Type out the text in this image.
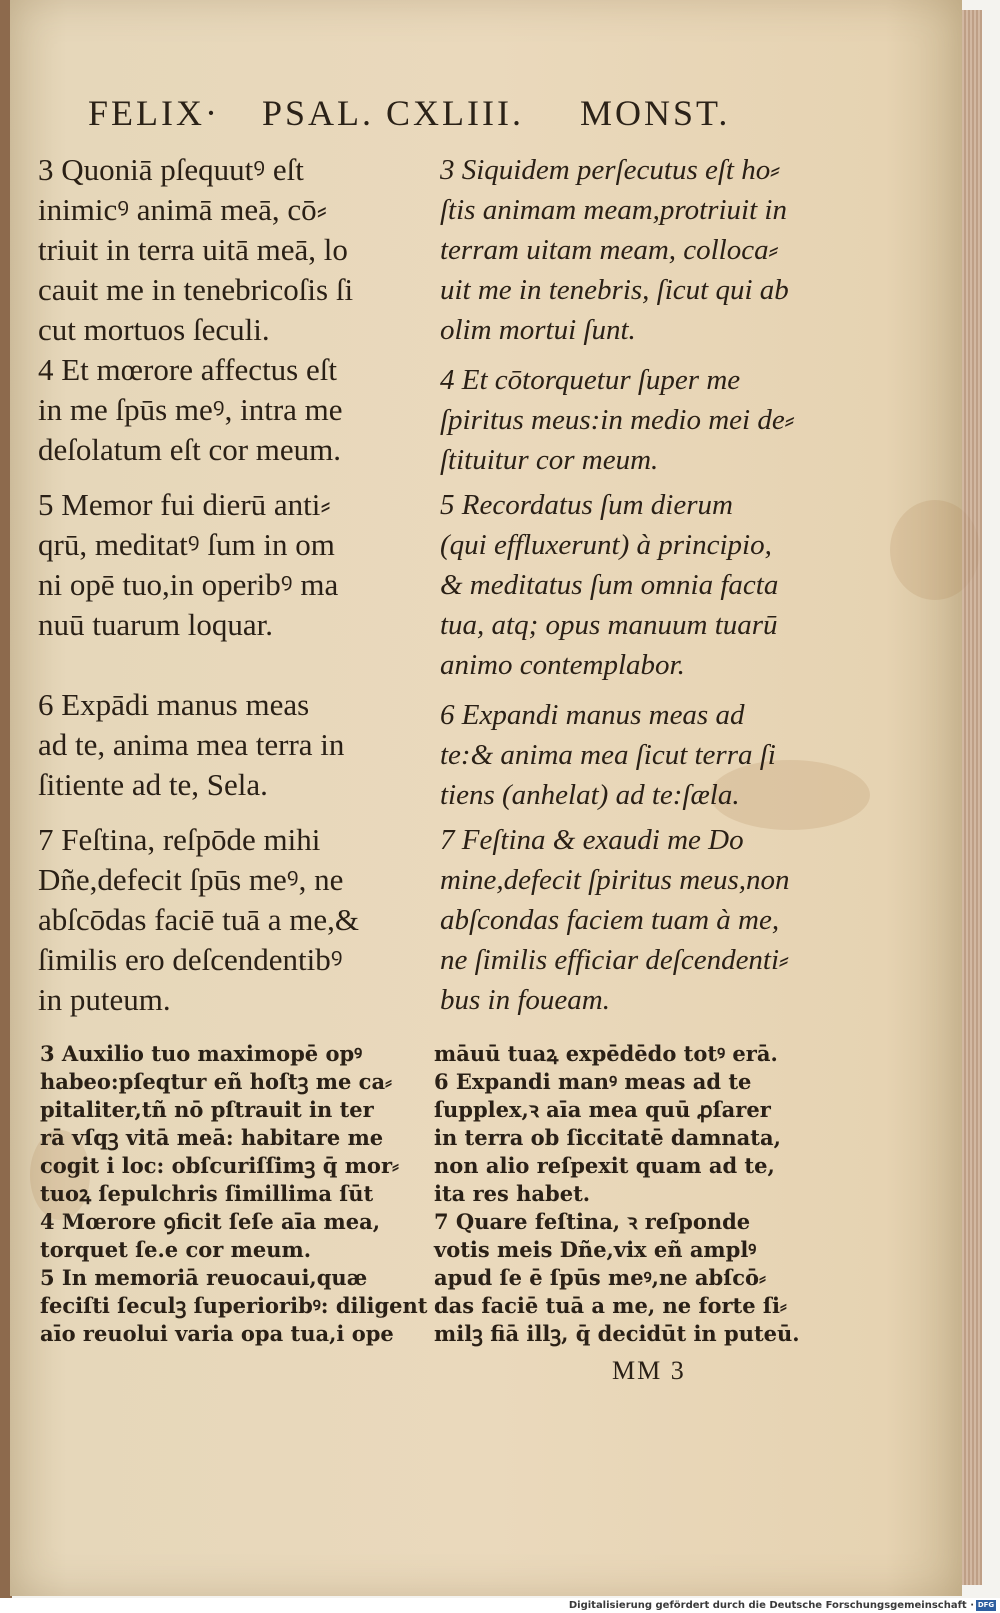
FELIX· PSAL. CXLIII. MONST.
3 Quoniā pſequutꝰ eſt
inimicꝰ animā meā, cō⸗
triuit in terra uitā meā, lo
cauit me in tenebricoſis ſi
cut mortuos ſeculi.
4 Et mœrore affectus eſt
in me ſpūs meꝰ, intra me
deſolatum eſt cor meum.
5 Memor fui dierū anti⸗
qrū, meditatꝰ ſum in om
ni opē tuo,in operibꝰ ma
nuū tuarum loquar.
6 Expādi manus meas
ad te, anima mea terra in
ſitiente ad te, Sela.
7 Feſtina, reſpōde mihi
Dñe,defecit ſpūs meꝰ, ne
abſcōdas faciē tuā a me,&
ſimilis ero deſcendentibꝰ
in puteum.
3 Siquidem perſecutus eſt ho⸗
ſtis animam meam,protriuit in
terram uitam meam, colloca⸗
uit me in tenebris, ſicut qui ab
olim mortui ſunt.
4 Et cōtorquetur ſuper me
ſpiritus meus:in medio mei de⸗
ſtituitur cor meum.
5 Recordatus ſum dierum
(qui effluxerunt) à principio,
& meditatus ſum omnia facta
tua, atq; opus manuum tuarū
animo contemplabor.
6 Expandi manus meas ad
te:& anima mea ſicut terra ſi
tiens (anhelat) ad te:ſæla.
7 Feſtina & exaudi me Do
mine,defecit ſpiritus meus,non
abſcondas faciem tuam à me,
ne ſimilis efficiar deſcendenti⸗
bus in foueam.
3 Auxilio tuo maximopē opꝰ
habeo:pſeqtur eñ hoſtꝫ me ca⸗
pitaliter,tñ nō pſtrauit in ter
rā vſqꝫ vitā meā: habitare me
cogit i loc: obſcuriſſimꝫ q̄ mor⸗
tuoꝝ ſepulchris ſimillima ſūt
4 Mœrore ꝯficit ſeſe aīa mea,
torquet ſe.e cor meum.
5 In memoriā reuocaui,quæ
feciſti ſeculꝫ ſuperioribꝰ: diligent
aīo reuolui varia opa tua,i ope
māuū tuaꝝ expēdēdo totꝰ erā.
6 Expandi manꝰ meas ad te
ſupplex,ꝛ aīa mea quū ꝓſarer
in terra ob ſiccitatē damnata,
non alio reſpexit quam ad te,
ita res habet.
7 Quare feſtina, ꝛ reſponde
votis meis Dñe,vix eñ amplꝰ
apud ſe ē ſpūs meꝰ,ne abſcō⸗
das faciē tuā a me, ne forte ſi⸗
milꝫ fiā illꝫ, q̄ decidūt in puteū.
MM 3
Digitalisierung gefördert durch die Deutsche Forschungsgemeinschaft · DFG
